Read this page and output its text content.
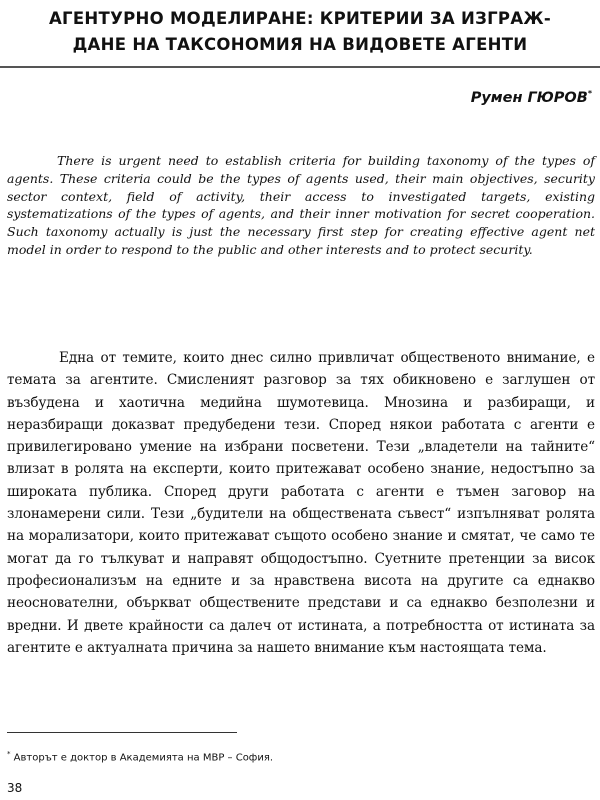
АГЕНТУРНО МОДЕЛИРАНЕ: КРИТЕРИИ ЗА ИЗГРАЖ-
ДАНЕ НА ТАКСОНОМИЯ НА ВИДОВЕТЕ АГЕНТИ
Румен ГЮРОВ*

There is urgent need to establish criteria for building taxonomy of the types of agents. These criteria could be the types of agents used, their main objectives, security sector context, field of activity, their access to investigated targets, existing systematizations of the types of agents, and their inner motivation for secret cooperation. Such taxonomy actually is just the necessary first step for creating effective agent net model in order to respond to the public and other interests and to protect security.

Една от темите, които днес силно привличат общественото внимание, е темата за агентите. Смисленият разговор за тях обикновено е заглушен от възбудена и хаотична медийна шумотевица. Мнозина и разбиращи, и неразбиращи доказват предубедени тези. Според някои работата с агенти е привилегировано умение на избрани посветени. Тези „владетели на тайните“ влизат в ролята на експерти, които притежават особено знание, недостъпно за широката публика. Според други работата с агенти е тъмен заговор на злонамерени сили. Тези „будители на обществената съвест“ изпълняват ролята на морализатори, които притежават същото особено знание и смятат, че само те могат да го тълкуват и направят общодостъпно. Суетните претенции за висок професионализъм на едните и за нравствена висота на другите са еднакво неоснователни, объркват обществените представи и са еднакво безполезни и вредни. И двете крайности са далеч от истината, а потребността от истината за агентите е актуалната причина за нашето внимание към настоящата тема.

* Авторът е доктор в Академията на МВР – София.
38
